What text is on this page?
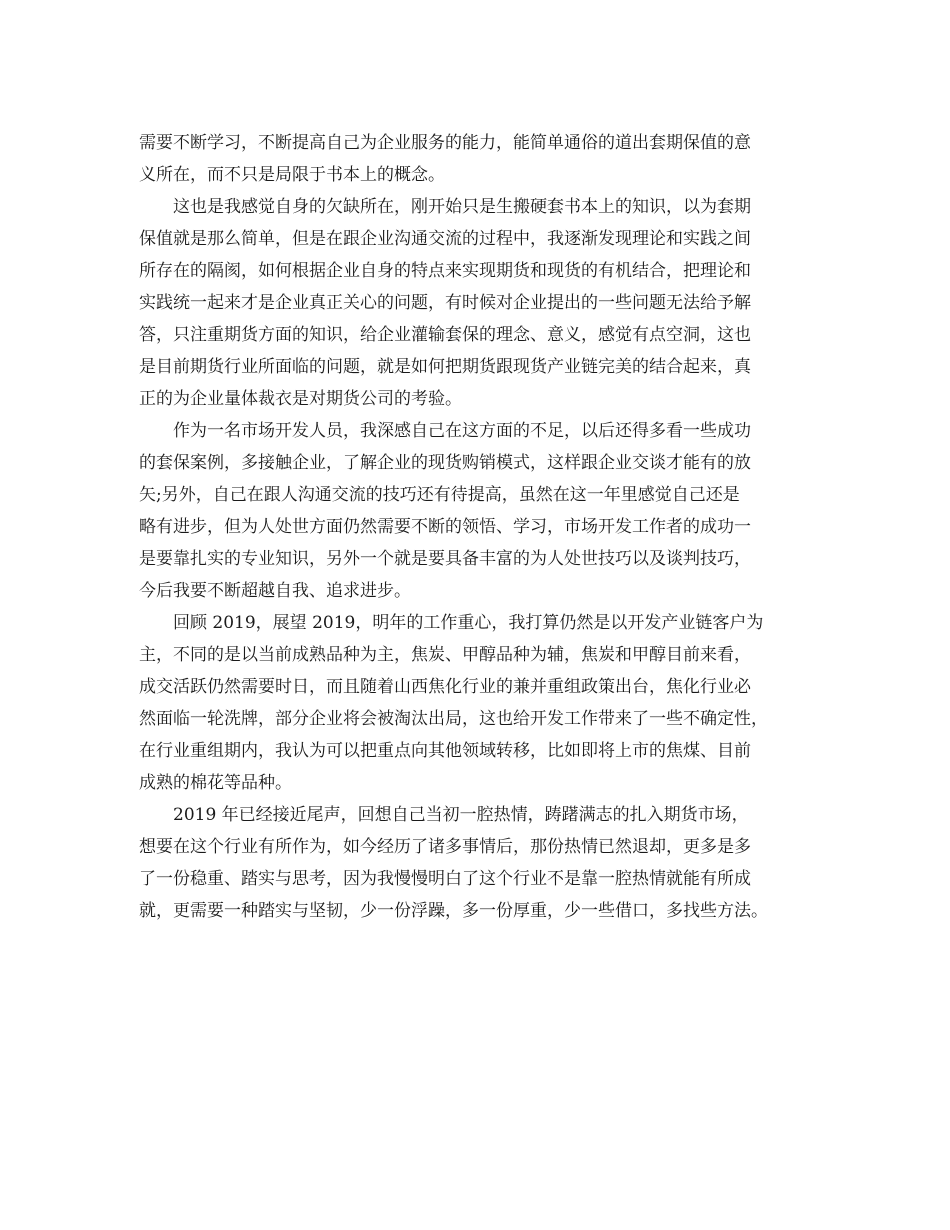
需要不断学习，不断提高自己为企业服务的能力，能简单通俗的道出套期保值的意
义所在，而不只是局限于书本上的概念。
这也是我感觉自身的欠缺所在，刚开始只是生搬硬套书本上的知识，以为套期
保值就是那么简单，但是在跟企业沟通交流的过程中，我逐渐发现理论和实践之间
所存在的隔阂，如何根据企业自身的特点来实现期货和现货的有机结合，把理论和
实践统一起来才是企业真正关心的问题，有时候对企业提出的一些问题无法给予解
答，只注重期货方面的知识，给企业灌输套保的理念、意义，感觉有点空洞，这也
是目前期货行业所面临的问题，就是如何把期货跟现货产业链完美的结合起来，真
正的为企业量体裁衣是对期货公司的考验。
作为一名市场开发人员，我深感自己在这方面的不足，以后还得多看一些成功
的套保案例，多接触企业，了解企业的现货购销模式，这样跟企业交谈才能有的放
矢;另外，自己在跟人沟通交流的技巧还有待提高，虽然在这一年里感觉自己还是
略有进步，但为人处世方面仍然需要不断的领悟、学习，市场开发工作者的成功一
是要靠扎实的专业知识，另外一个就是要具备丰富的为人处世技巧以及谈判技巧，
今后我要不断超越自我、追求进步。
回顾 2019，展望 2019，明年的工作重心，我打算仍然是以开发产业链客户为
主，不同的是以当前成熟品种为主，焦炭、甲醇品种为辅，焦炭和甲醇目前来看，
成交活跃仍然需要时日，而且随着山西焦化行业的兼并重组政策出台，焦化行业必
然面临一轮洗牌，部分企业将会被淘汰出局，这也给开发工作带来了一些不确定性，
在行业重组期内，我认为可以把重点向其他领域转移，比如即将上市的焦煤、目前
成熟的棉花等品种。
2019 年已经接近尾声，回想自己当初一腔热情，踌躇满志的扎入期货市场，
想要在这个行业有所作为，如今经历了诸多事情后，那份热情已然退却，更多是多
了一份稳重、踏实与思考，因为我慢慢明白了这个行业不是靠一腔热情就能有所成
就，更需要一种踏实与坚韧，少一份浮躁，多一份厚重，少一些借口，多找些方法。
